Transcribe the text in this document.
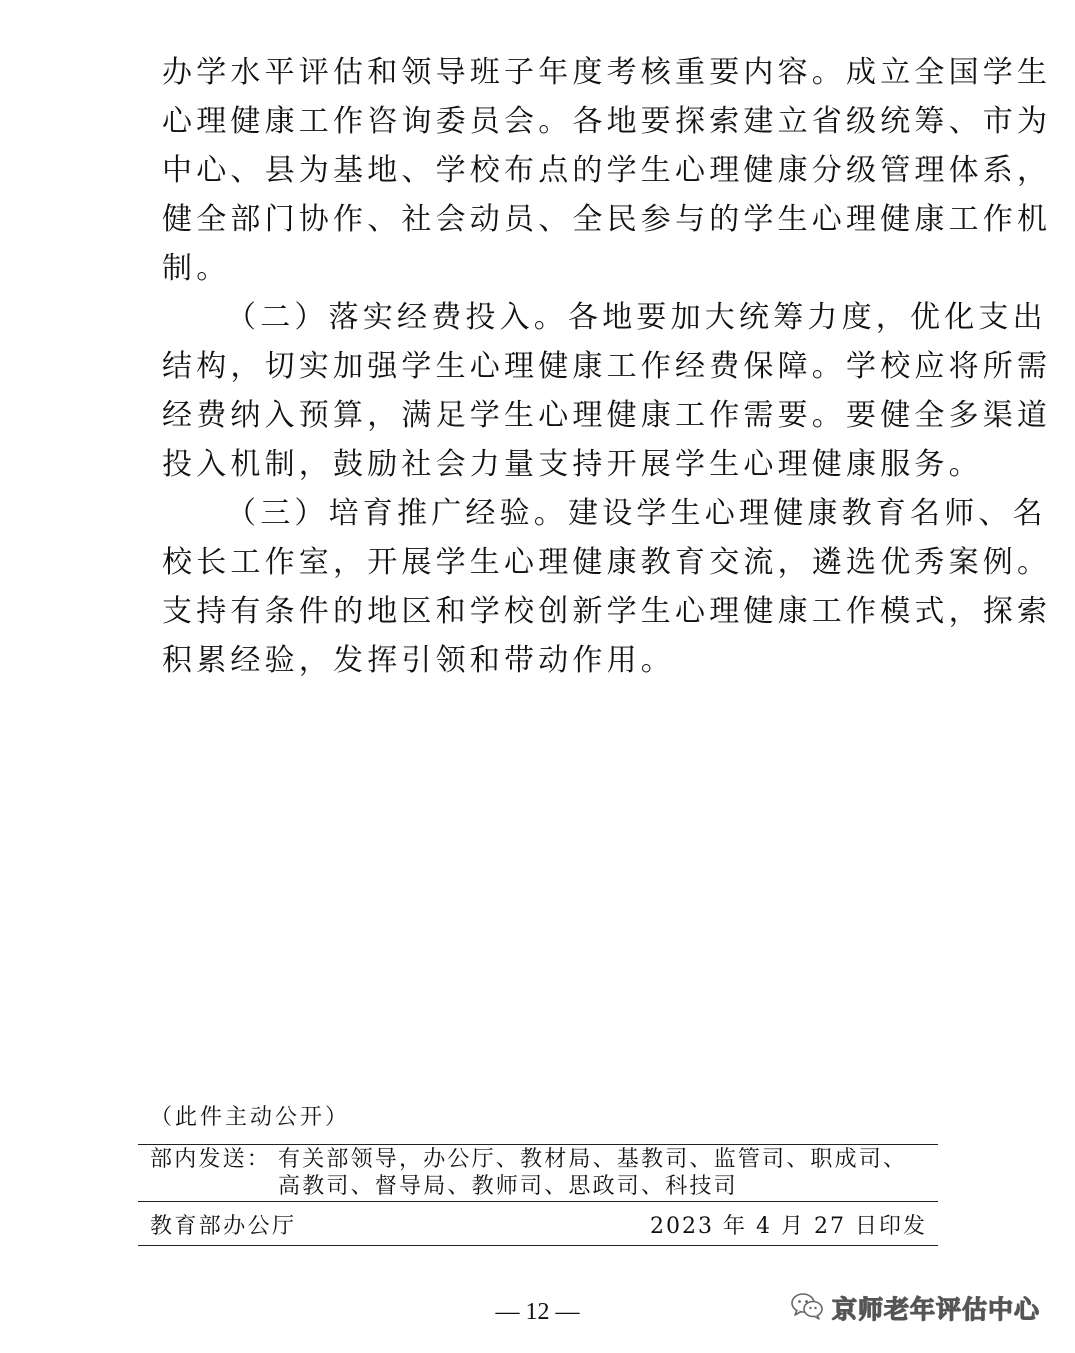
办学水平评估和领导班子年度考核重要内容。成立全国学生
心理健康工作咨询委员会。各地要探索建立省级统筹、市为
中心、县为基地、学校布点的学生心理健康分级管理体系，
健全部门协作、社会动员、全民参与的学生心理健康工作机
制。
（二）落实经费投入。各地要加大统筹力度，优化支出
结构，切实加强学生心理健康工作经费保障。学校应将所需
经费纳入预算，满足学生心理健康工作需要。要健全多渠道
投入机制，鼓励社会力量支持开展学生心理健康服务。
（三）培育推广经验。建设学生心理健康教育名师、名
校长工作室，开展学生心理健康教育交流，遴选优秀案例。
支持有条件的地区和学校创新学生心理健康工作模式，探索
积累经验，发挥引领和带动作用。
（此件主动公开）
部内发送： 有关部领导，办公厅、教材局、基教司、监管司、职成司、
高教司、督导局、教师司、思政司、科技司
教育部办公厅	2023 年 4 月 27 日印发
— 12 —	京师老年评估中心
